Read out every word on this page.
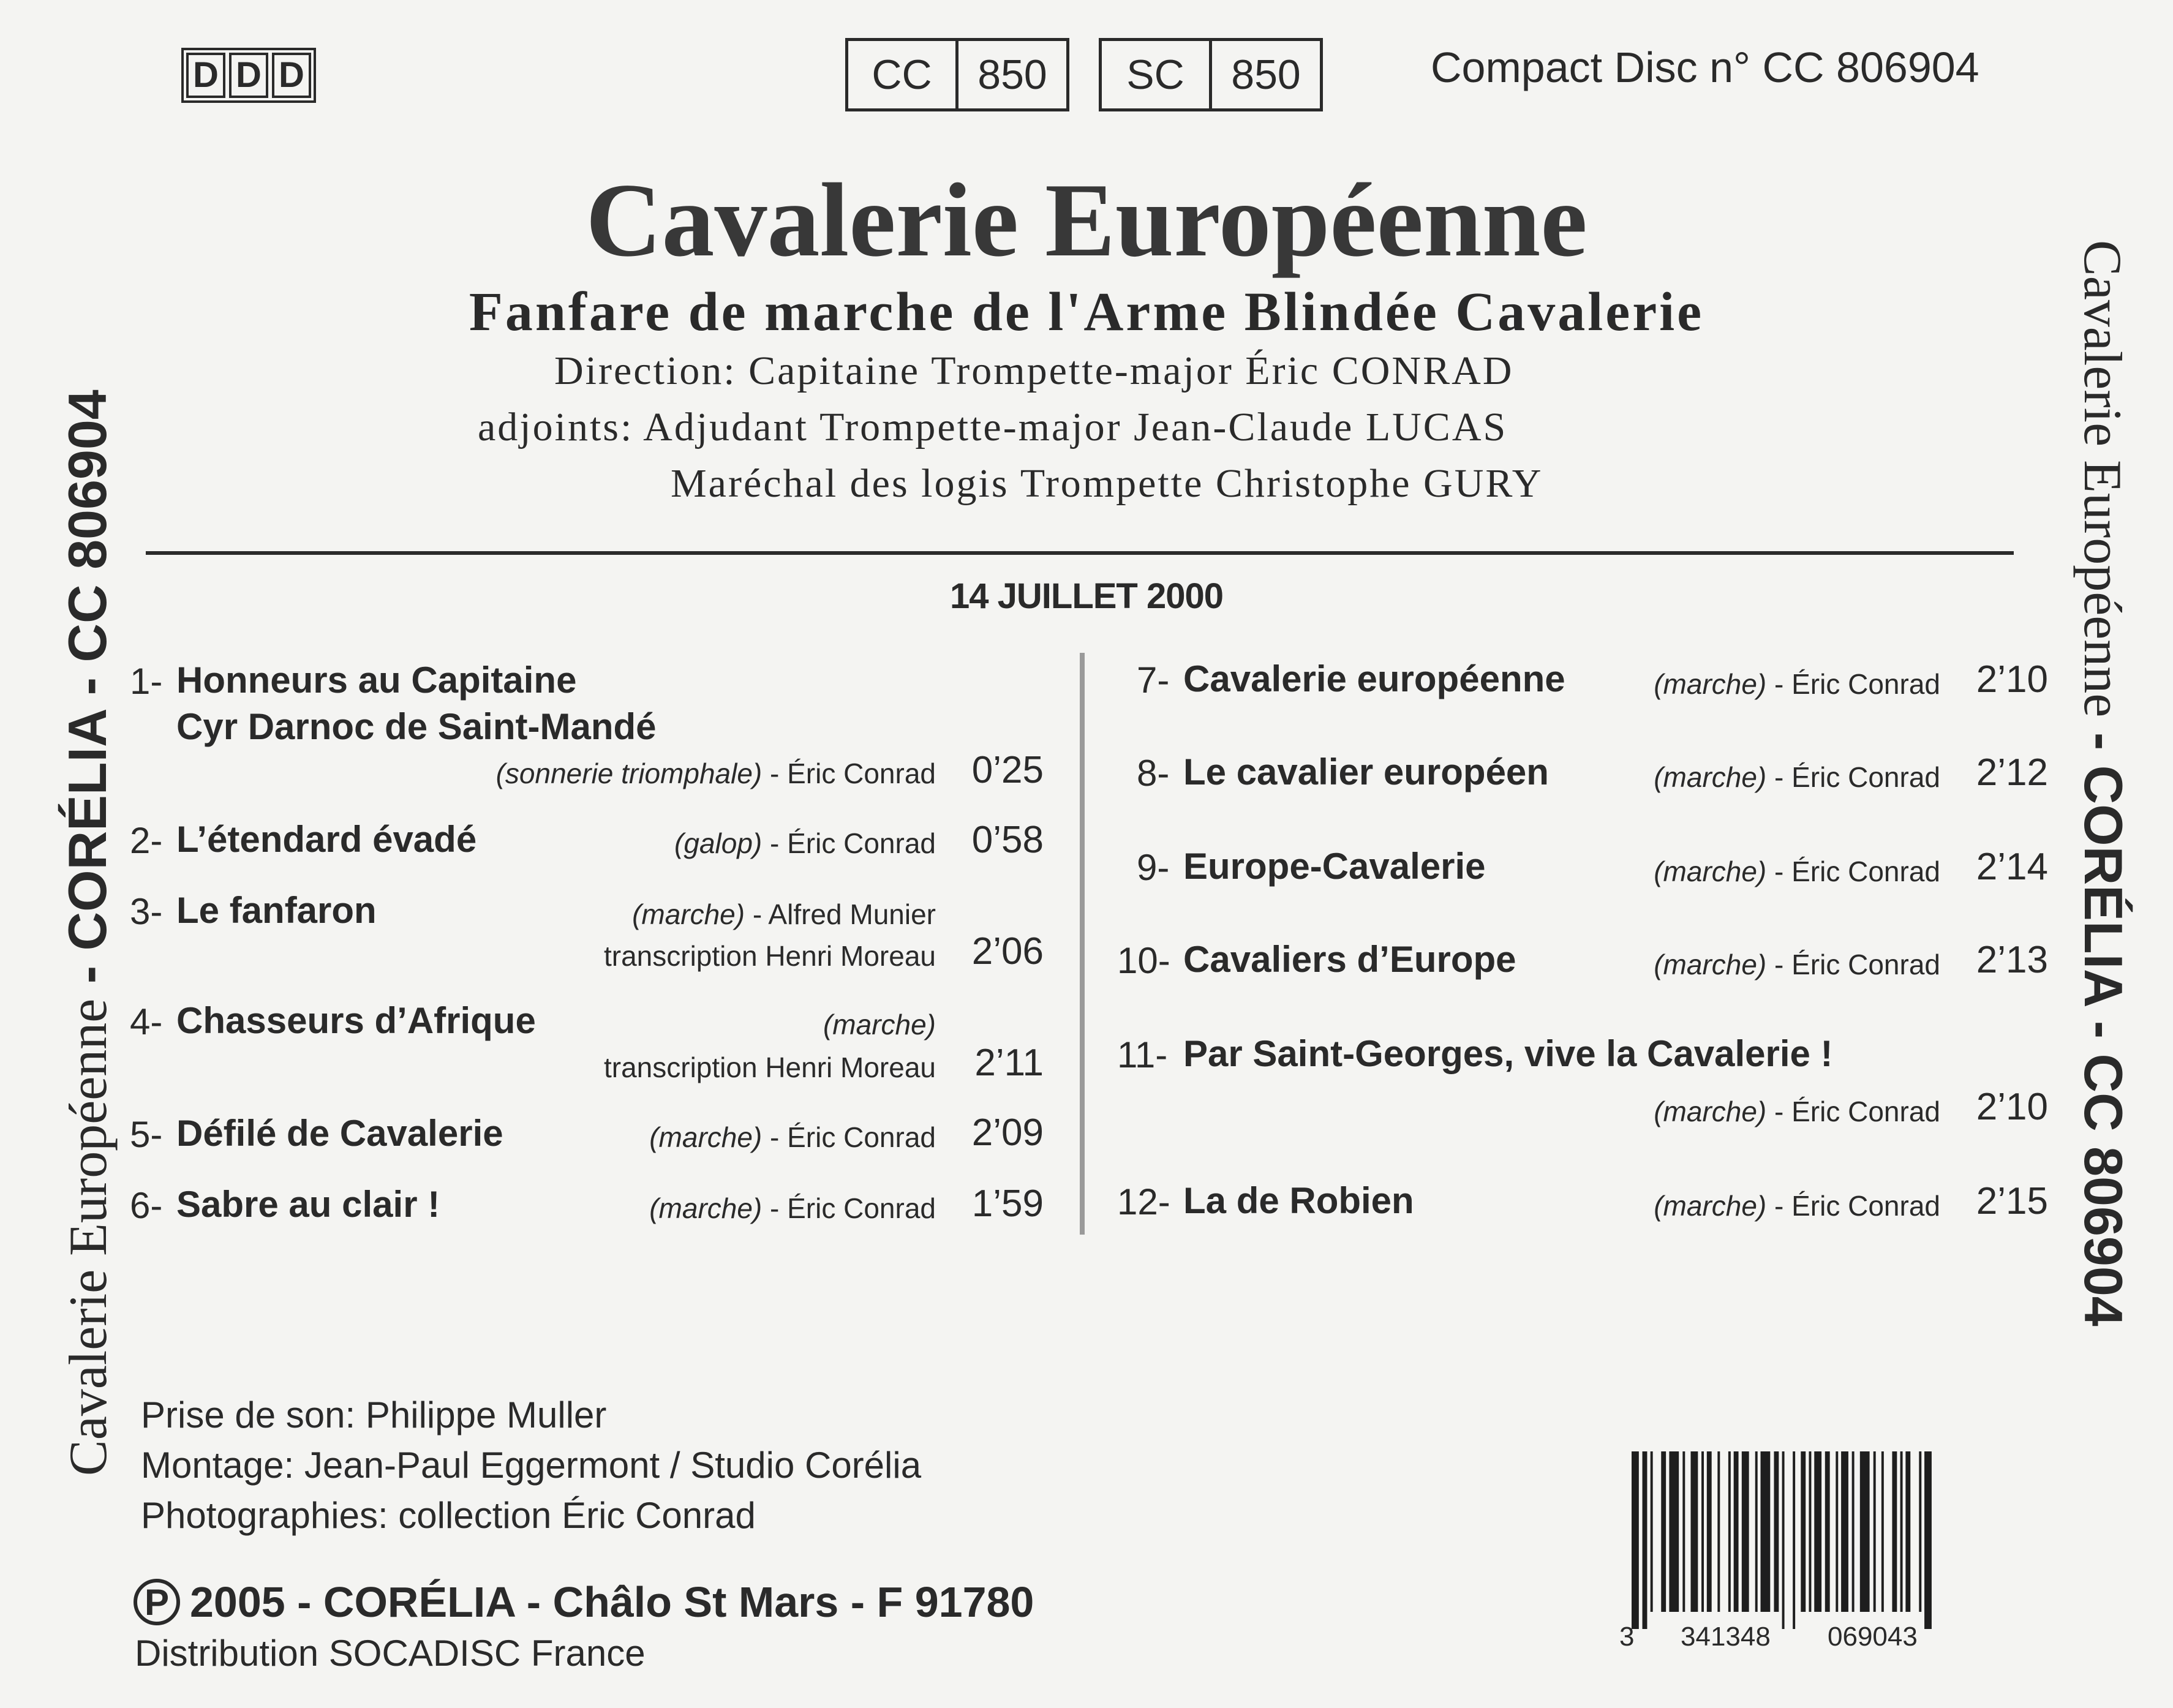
D D D	CC	850	SC	850	Compact Disc n° CC 806904
Cavalerie Européenne
Fanfare de marche de l'Arme Blindée Cavalerie
Direction: Capitaine Trompette-major Éric CONRAD
adjoints: Adjudant Trompette-major Jean-Claude LUCAS
Maréchal des logis Trompette Christophe GURY
14 JUILLET 2000
1- Honneurs au Capitaine
Cyr Darnoc de Saint-Mandé
(sonnerie triomphale) - Éric Conrad 0’25
2- L’étendard évadé	(galop) - Éric Conrad 0’58
3- Le fanfaron	(marche) - Alfred Munier
transcription Henri Moreau 2’06
4- Chasseurs d’Afrique	(marche)
transcription Henri Moreau 2’11
5- Défilé de Cavalerie	(marche) - Éric Conrad 2’09
6- Sabre au clair !	(marche) - Éric Conrad 1’59
7- Cavalerie européenne	(marche) - Éric Conrad 2’10
8- Le cavalier européen	(marche) - Éric Conrad 2’12
9- Europe-Cavalerie	(marche) - Éric Conrad 2’14
10- Cavaliers d’Europe	(marche) - Éric Conrad 2’13
11- Par Saint-Georges, vive la Cavalerie !
(marche) - Éric Conrad 2’10
12- La de Robien	(marche) - Éric Conrad 2’15
Prise de son: Philippe Muller
Montage: Jean-Paul Eggermont / Studio Corélia
Photographies: collection Éric Conrad
P 2005 - CORÉLIA - Châlo St Mars - F 91780
Distribution SOCADISC France
Cavalerie Européenne - CORÉLIA - CC 806904	Cavalerie Européenne - CORÉLIA - CC 806904
3 341348 069043
